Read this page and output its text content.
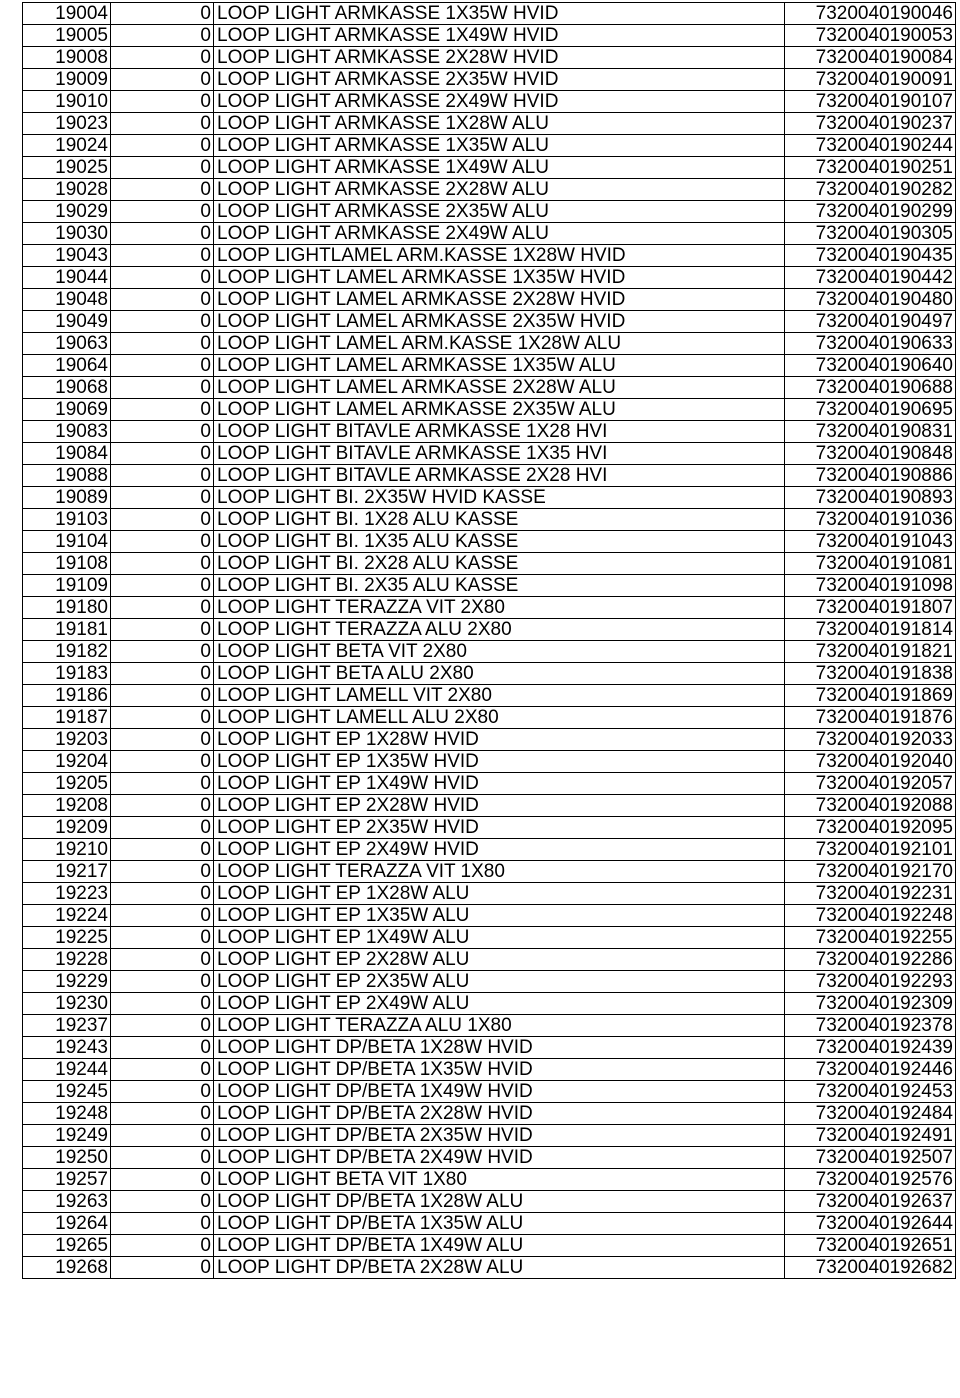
19004	0	LOOP LIGHT ARMKASSE 1X35W HVID	7320040190046
19005	0	LOOP LIGHT ARMKASSE 1X49W HVID	7320040190053
19008	0	LOOP LIGHT ARMKASSE 2X28W HVID	7320040190084
19009	0	LOOP LIGHT ARMKASSE 2X35W HVID	7320040190091
19010	0	LOOP LIGHT ARMKASSE 2X49W HVID	7320040190107
19023	0	LOOP LIGHT ARMKASSE 1X28W ALU	7320040190237
19024	0	LOOP LIGHT ARMKASSE 1X35W ALU	7320040190244
19025	0	LOOP LIGHT ARMKASSE 1X49W ALU	7320040190251
19028	0	LOOP LIGHT ARMKASSE 2X28W ALU	7320040190282
19029	0	LOOP LIGHT ARMKASSE 2X35W ALU	7320040190299
19030	0	LOOP LIGHT ARMKASSE 2X49W ALU	7320040190305
19043	0	LOOP LIGHTLAMEL ARM.KASSE 1X28W HVID	7320040190435
19044	0	LOOP LIGHT LAMEL ARMKASSE 1X35W HVID	7320040190442
19048	0	LOOP LIGHT LAMEL ARMKASSE 2X28W HVID	7320040190480
19049	0	LOOP LIGHT LAMEL ARMKASSE 2X35W HVID	7320040190497
19063	0	LOOP LIGHT LAMEL ARM.KASSE 1X28W ALU	7320040190633
19064	0	LOOP LIGHT LAMEL ARMKASSE 1X35W ALU	7320040190640
19068	0	LOOP LIGHT LAMEL ARMKASSE 2X28W ALU	7320040190688
19069	0	LOOP LIGHT LAMEL ARMKASSE 2X35W ALU	7320040190695
19083	0	LOOP LIGHT BITAVLE ARMKASSE 1X28 HVI	7320040190831
19084	0	LOOP LIGHT BITAVLE ARMKASSE 1X35 HVI	7320040190848
19088	0	LOOP LIGHT BITAVLE ARMKASSE 2X28 HVI	7320040190886
19089	0	LOOP LIGHT BI. 2X35W HVID KASSE	7320040190893
19103	0	LOOP LIGHT BI. 1X28 ALU KASSE	7320040191036
19104	0	LOOP LIGHT BI. 1X35 ALU KASSE	7320040191043
19108	0	LOOP LIGHT BI. 2X28 ALU KASSE	7320040191081
19109	0	LOOP LIGHT BI. 2X35 ALU KASSE	7320040191098
19180	0	LOOP LIGHT TERAZZA VIT 2X80	7320040191807
19181	0	LOOP LIGHT TERAZZA ALU 2X80	7320040191814
19182	0	LOOP LIGHT BETA VIT 2X80	7320040191821
19183	0	LOOP LIGHT BETA ALU 2X80	7320040191838
19186	0	LOOP LIGHT LAMELL VIT 2X80	7320040191869
19187	0	LOOP LIGHT LAMELL ALU 2X80	7320040191876
19203	0	LOOP LIGHT EP 1X28W HVID	7320040192033
19204	0	LOOP LIGHT EP 1X35W HVID	7320040192040
19205	0	LOOP LIGHT EP 1X49W HVID	7320040192057
19208	0	LOOP LIGHT EP 2X28W HVID	7320040192088
19209	0	LOOP LIGHT EP 2X35W HVID	7320040192095
19210	0	LOOP LIGHT EP 2X49W HVID	7320040192101
19217	0	LOOP LIGHT TERAZZA VIT 1X80	7320040192170
19223	0	LOOP LIGHT EP 1X28W ALU	7320040192231
19224	0	LOOP LIGHT EP 1X35W ALU	7320040192248
19225	0	LOOP LIGHT EP 1X49W ALU	7320040192255
19228	0	LOOP LIGHT EP 2X28W ALU	7320040192286
19229	0	LOOP LIGHT EP 2X35W ALU	7320040192293
19230	0	LOOP LIGHT EP 2X49W ALU	7320040192309
19237	0	LOOP LIGHT TERAZZA ALU 1X80	7320040192378
19243	0	LOOP LIGHT DP/BETA 1X28W HVID	7320040192439
19244	0	LOOP LIGHT DP/BETA 1X35W HVID	7320040192446
19245	0	LOOP LIGHT DP/BETA 1X49W HVID	7320040192453
19248	0	LOOP LIGHT DP/BETA 2X28W HVID	7320040192484
19249	0	LOOP LIGHT DP/BETA 2X35W HVID	7320040192491
19250	0	LOOP LIGHT DP/BETA 2X49W HVID	7320040192507
19257	0	LOOP LIGHT BETA VIT 1X80	7320040192576
19263	0	LOOP LIGHT DP/BETA 1X28W ALU	7320040192637
19264	0	LOOP LIGHT DP/BETA 1X35W ALU	7320040192644
19265	0	LOOP LIGHT DP/BETA 1X49W ALU	7320040192651
19268	0	LOOP LIGHT DP/BETA 2X28W ALU	7320040192682
